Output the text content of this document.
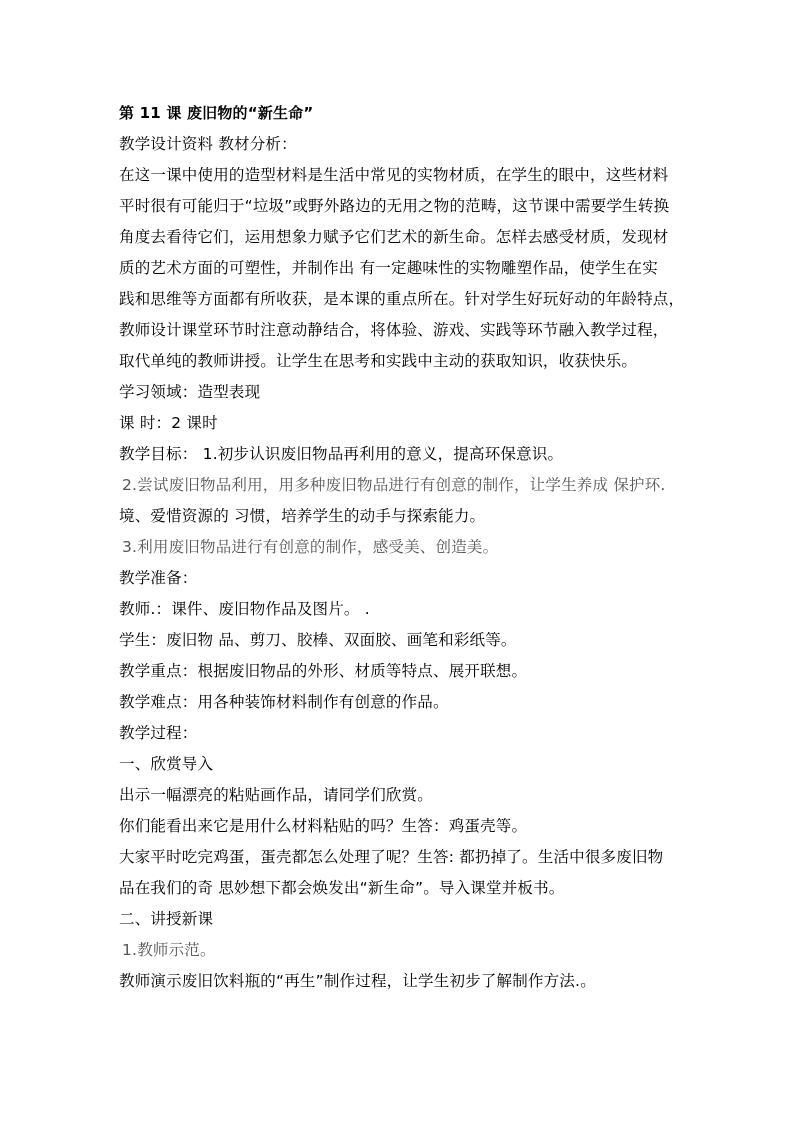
第 11 课 废旧物的“新生命”
教学设计资料 教材分析：
在这一课中使用的造型材料是生活中常见的实物材质，在学生的眼中，这些材料
平时很有可能归于“垃圾”或野外路边的无用之物的范畴，这节课中需要学生转换
角度去看待它们，运用想象力赋予它们艺术的新生命。怎样去感受材质，发现材
质的艺术方面的可塑性，并制作出 有一定趣味性的实物雕塑作品，使学生在实
践和思维等方面都有所收获，是本课的重点所在。针对学生好玩好动的年龄特点，
教师设计课堂环节时注意动静结合，将体验、游戏、实践等环节融入教学过程，
取代单纯的教师讲授。让学生在思考和实践中主动的获取知识，收获快乐。
学习领域：造型表现
课 时：2 课时
教学目标： 1.初步认识废旧物品再利用的意义，提高环保意识。
2.尝试废旧物品利用，用多种废旧物品进行有创意的制作，让学生养成 保护环.
境、爱惜资源的 习惯，培养学生的动手与探索能力。
3.利用废旧物品进行有创意的制作，感受美、创造美。
教学准备：
教师.：课件、废旧物作品及图片。 .
学生：废旧物 品、剪刀、胶棒、双面胶、画笔和彩纸等。
教学重点：根据废旧物品的外形、材质等特点、展开联想。
教学难点：用各种装饰材料制作有创意的作品。
教学过程：
一、欣赏导入
出示一幅漂亮的粘贴画作品，请同学们欣赏。
你们能看出来它是用什么材料粘贴的吗？生答：鸡蛋壳等。
大家平时吃完鸡蛋，蛋壳都怎么处理了呢？生答: 都扔掉了。生活中很多废旧物
品在我们的奇 思妙想下都会焕发出“新生命”。导入课堂并板书。
二、讲授新课
1.教师示范。
教师演示废旧饮料瓶的“再生”制作过程，让学生初步了解制作方法.。
